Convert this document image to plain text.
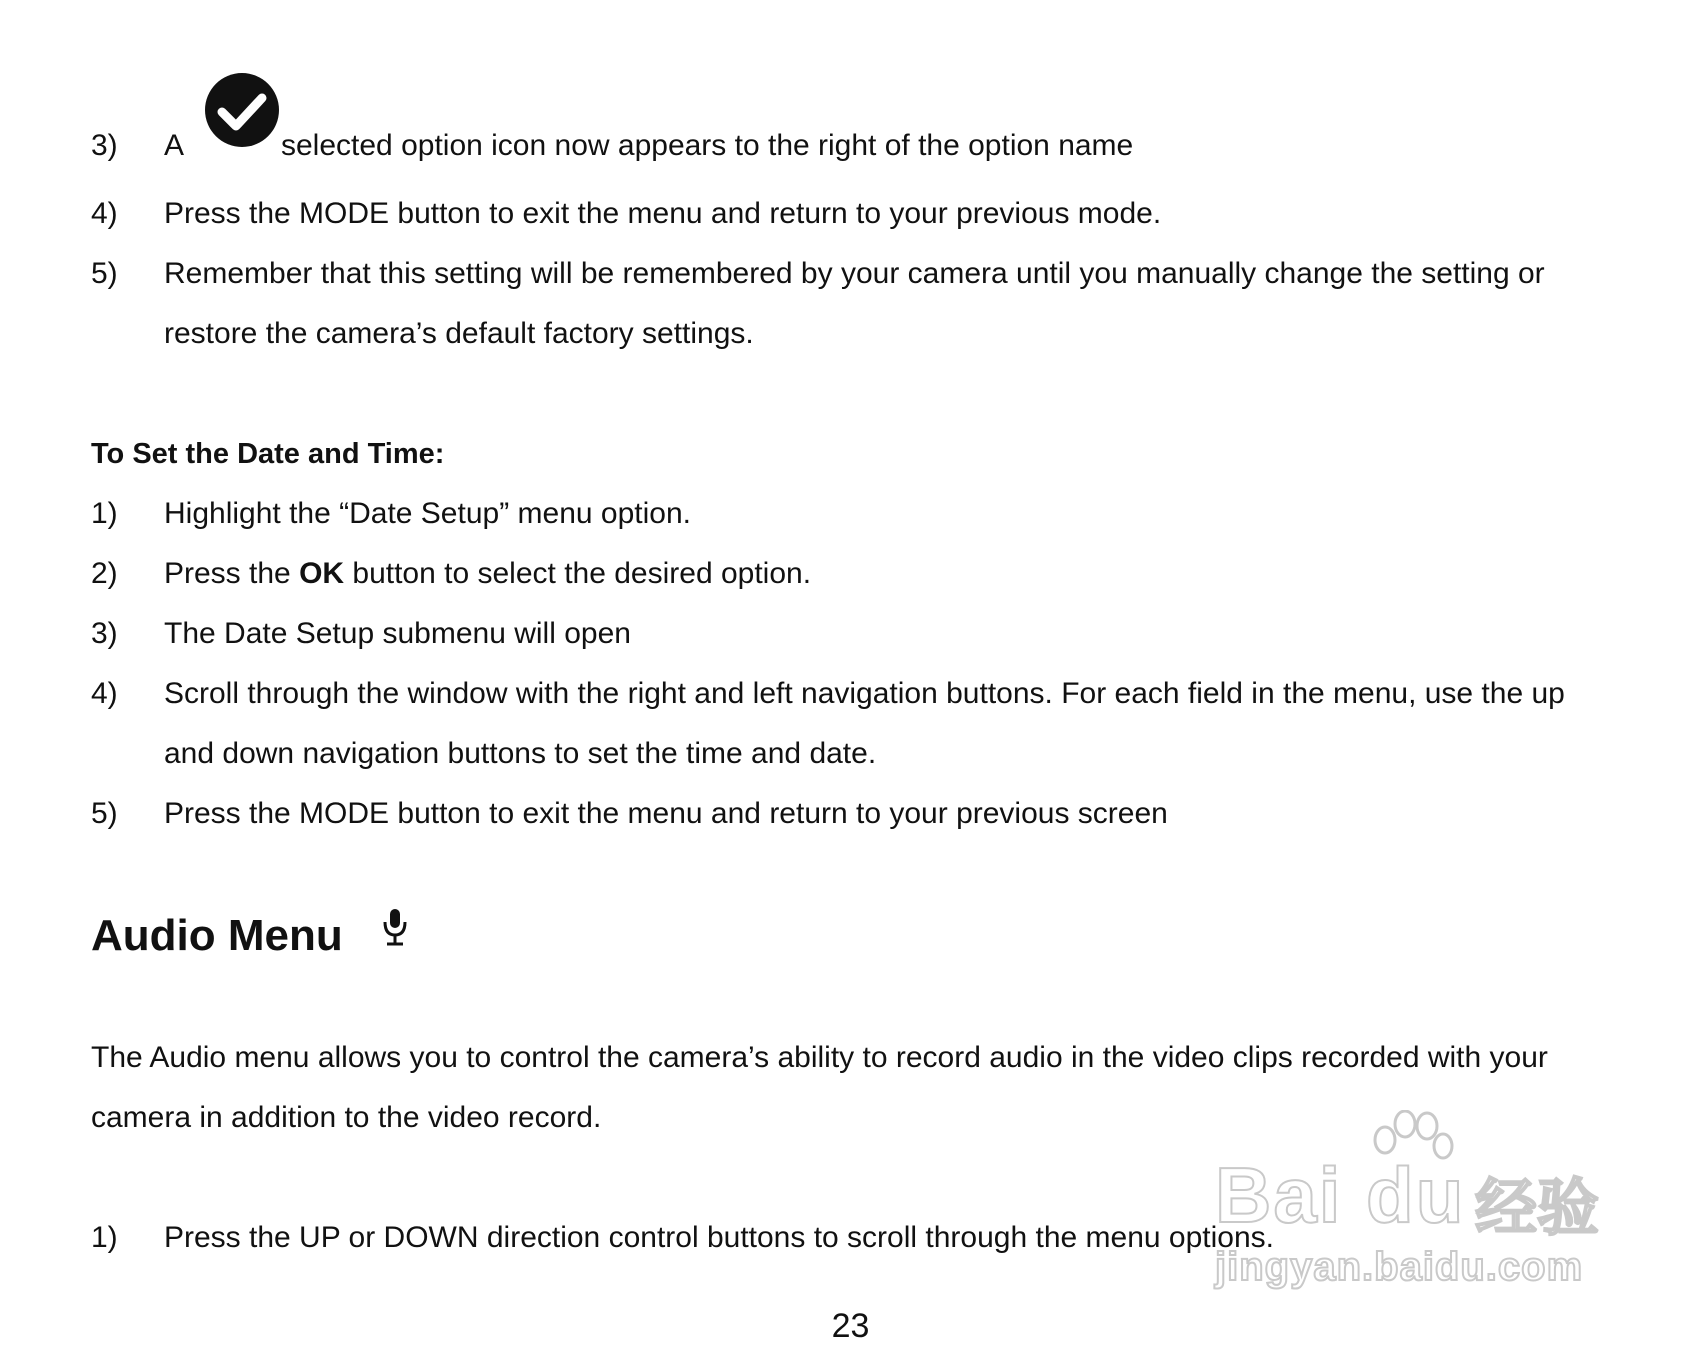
3) A	selected option icon now appears to the right of the option name
4) Press the MODE button to exit the menu and return to your previous mode.
5) Remember that this setting will be remembered by your camera until you manually change the setting or
restore the camera’s default factory settings.
To Set the Date and Time:
1) Highlight the “Date Setup” menu option.
2) Press the OK button to select the desired option.
3) The Date Setup submenu will open
4) Scroll through the window with the right and left navigation buttons. For each field in the menu, use the up
and down navigation buttons to set the time and date.
5) Press the MODE button to exit the menu and return to your previous screen
Audio Menu
The Audio menu allows you to control the camera’s ability to record audio in the video clips recorded with your
camera in addition to the video record.
1) Press the UP or DOWN direction control buttons to scroll through the menu options.
Bai du 经验
jingyan.baidu.com
23
